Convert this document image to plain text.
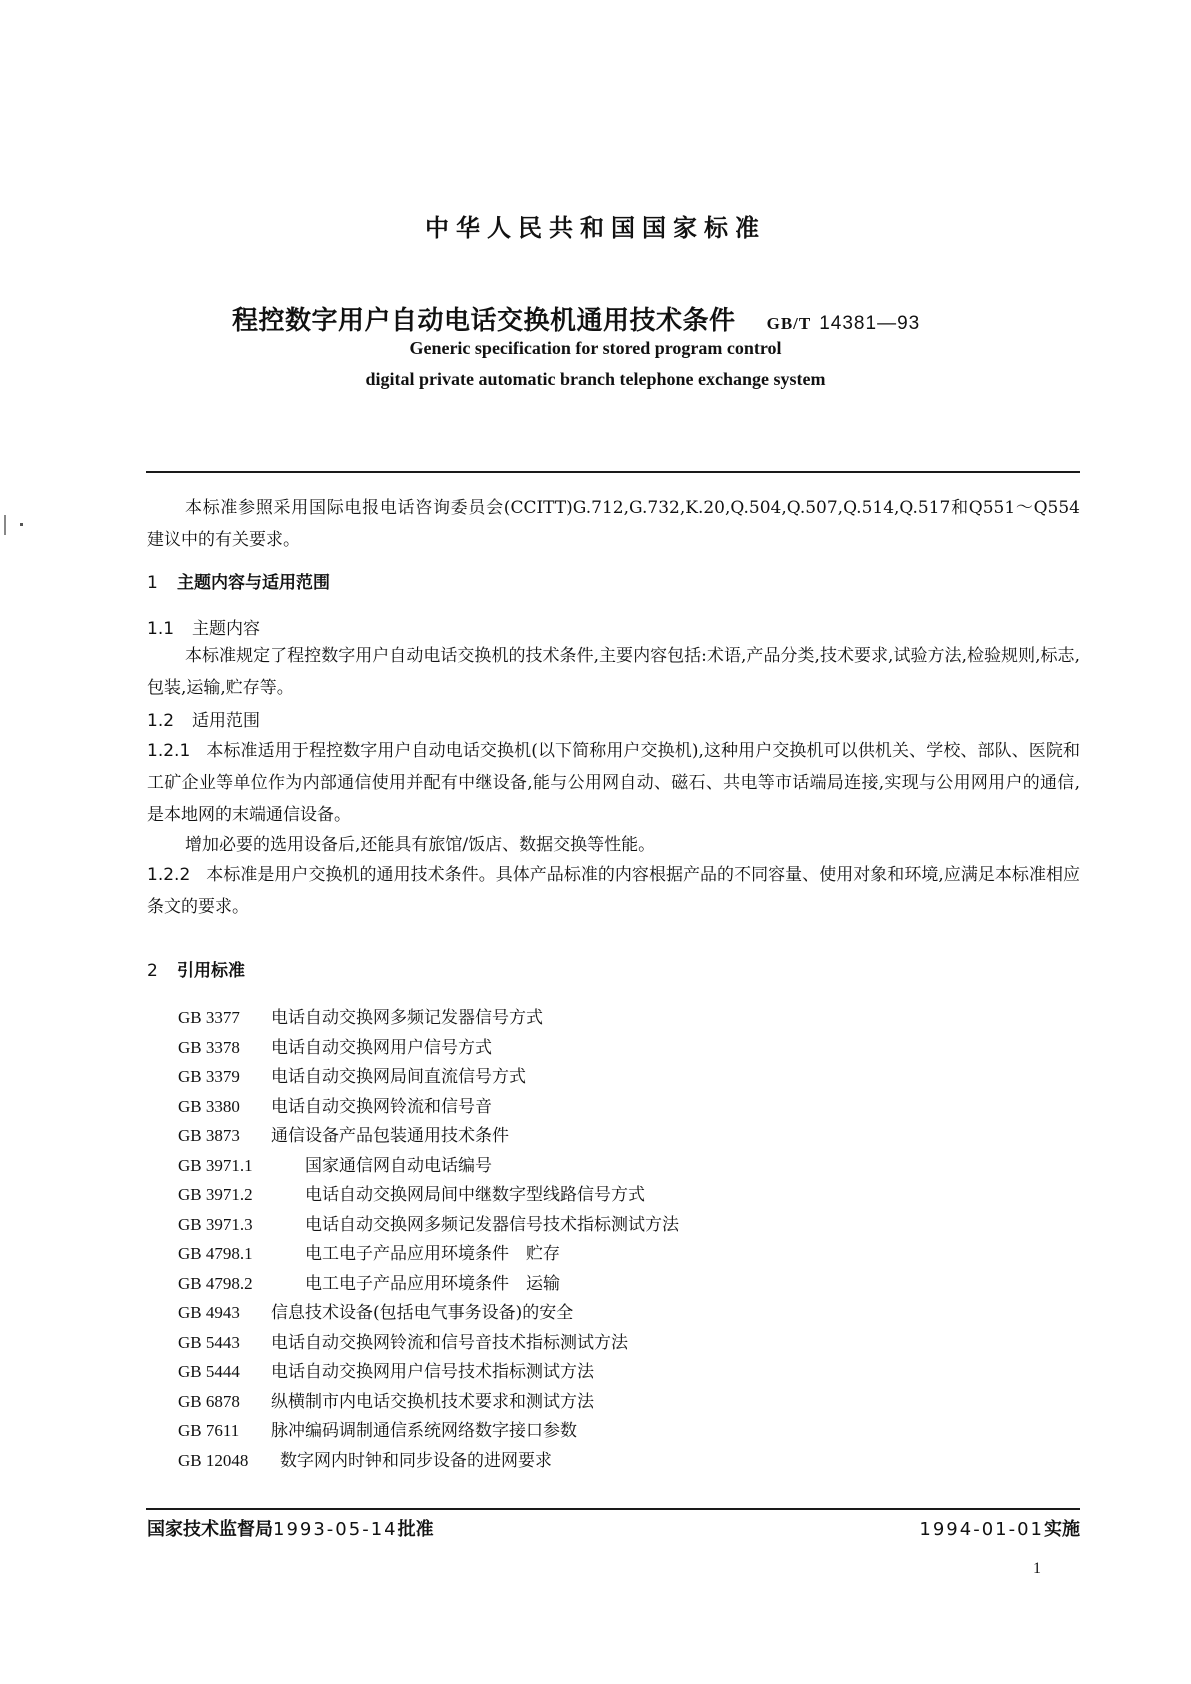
中华人民共和国国家标准
程控数字用户自动电话交换机通用技术条件 GB/T 14381—93
Generic specification for stored program control
digital private automatic branch telephone exchange system
本标准参照采用国际电报电话咨询委员会(CCITT)G.712,G.732,K.20,Q.504,Q.507,Q.514,Q.517和Q551～Q554建议中的有关要求。
1 主题内容与适用范围
1.1 主题内容
本标准规定了程控数字用户自动电话交换机的技术条件,主要内容包括:术语,产品分类,技术要求,试验方法,检验规则,标志,包装,运输,贮存等。
1.2 适用范围
1.2.1 本标准适用于程控数字用户自动电话交换机(以下简称用户交换机),这种用户交换机可以供机关、学校、部队、医院和工矿企业等单位作为内部通信使用并配有中继设备,能与公用网自动、磁石、共电等市话端局连接,实现与公用网用户的通信,是本地网的末端通信设备。
增加必要的选用设备后,还能具有旅馆/饭店、数据交换等性能。
1.2.2 本标准是用户交换机的通用技术条件。具体产品标准的内容根据产品的不同容量、使用对象和环境,应满足本标准相应条文的要求。
2 引用标准
GB 3377 电话自动交换网多频记发器信号方式
GB 3378 电话自动交换网用户信号方式
GB 3379 电话自动交换网局间直流信号方式
GB 3380 电话自动交换网铃流和信号音
GB 3873 通信设备产品包装通用技术条件
GB 3971.1	国家通信网自动电话编号
GB 3971.2	电话自动交换网局间中继数字型线路信号方式
GB 3971.3	电话自动交换网多频记发器信号技术指标测试方法
GB 4798.1	电工电子产品应用环境条件　贮存
GB 4798.2	电工电子产品应用环境条件　运输
GB 4943 信息技术设备(包括电气事务设备)的安全
GB 5443 电话自动交换网铃流和信号音技术指标测试方法
GB 5444 电话自动交换网用户信号技术指标测试方法
GB 6878 纵横制市内电话交换机技术要求和测试方法
GB 7611 脉冲编码调制通信系统网络数字接口参数
GB 12048 数字网内时钟和同步设备的进网要求
国家技术监督局1993-05-14批准	1994-01-01实施
1
